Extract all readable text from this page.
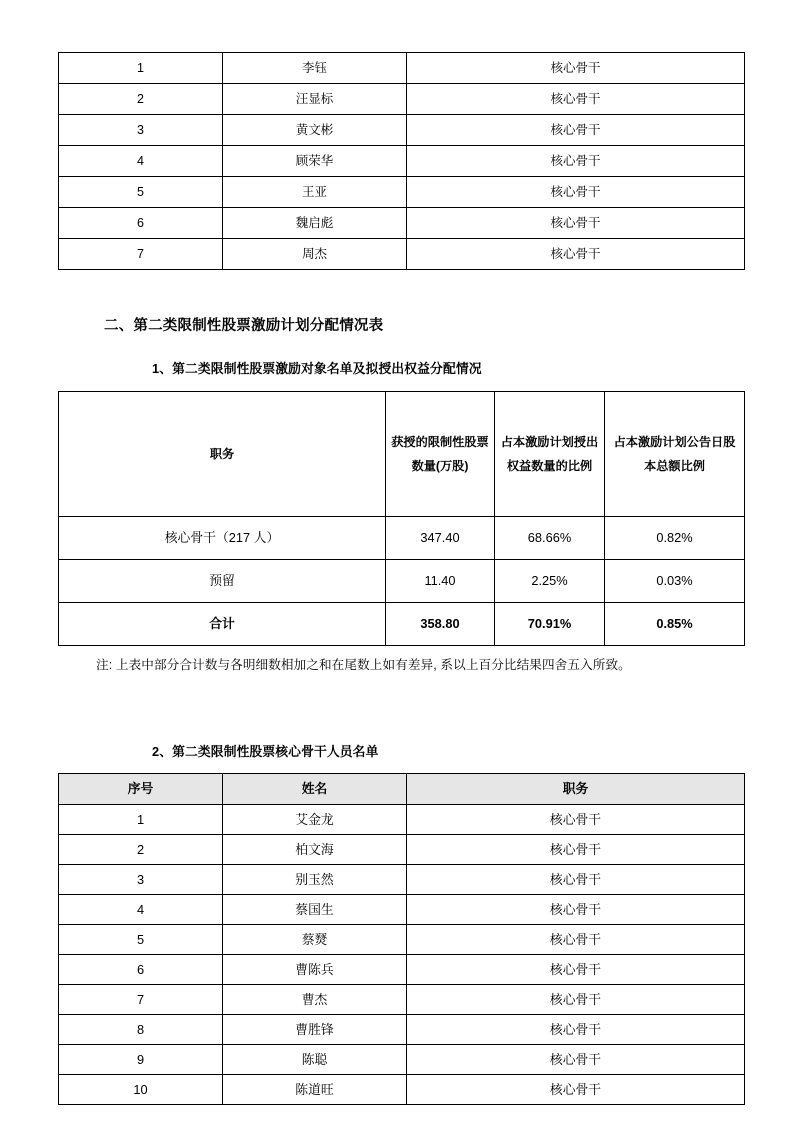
1	李钰	核心骨干
2	汪显标	核心骨干
3	黄文彬	核心骨干
4	顾荣华	核心骨干
5	王亚	核心骨干
6	魏启彪	核心骨干
7	周杰	核心骨干
二、第二类限制性股票激励计划分配情况表
1、第二类限制性股票激励对象名单及拟授出权益分配情况
职务	获授的限制性股票数量(万股)	占本激励计划授出权益数量的比例	占本激励计划公告日股本总额比例
核心骨干（217 人）	347.40	68.66%	0.82%
预留	11.40	2.25%	0.03%
合计	358.80	70.91%	0.85%
注: 上表中部分合计数与各明细数相加之和在尾数上如有差异, 系以上百分比结果四舍五入所致。
2、第二类限制性股票核心骨干人员名单
序号	姓名	职务
1	艾金龙	核心骨干
2	柏文海	核心骨干
3	别玉然	核心骨干
4	蔡国生	核心骨干
5	蔡燹	核心骨干
6	曹陈兵	核心骨干
7	曹杰	核心骨干
8	曹胜锋	核心骨干
9	陈聪	核心骨干
10	陈道旺	核心骨干
